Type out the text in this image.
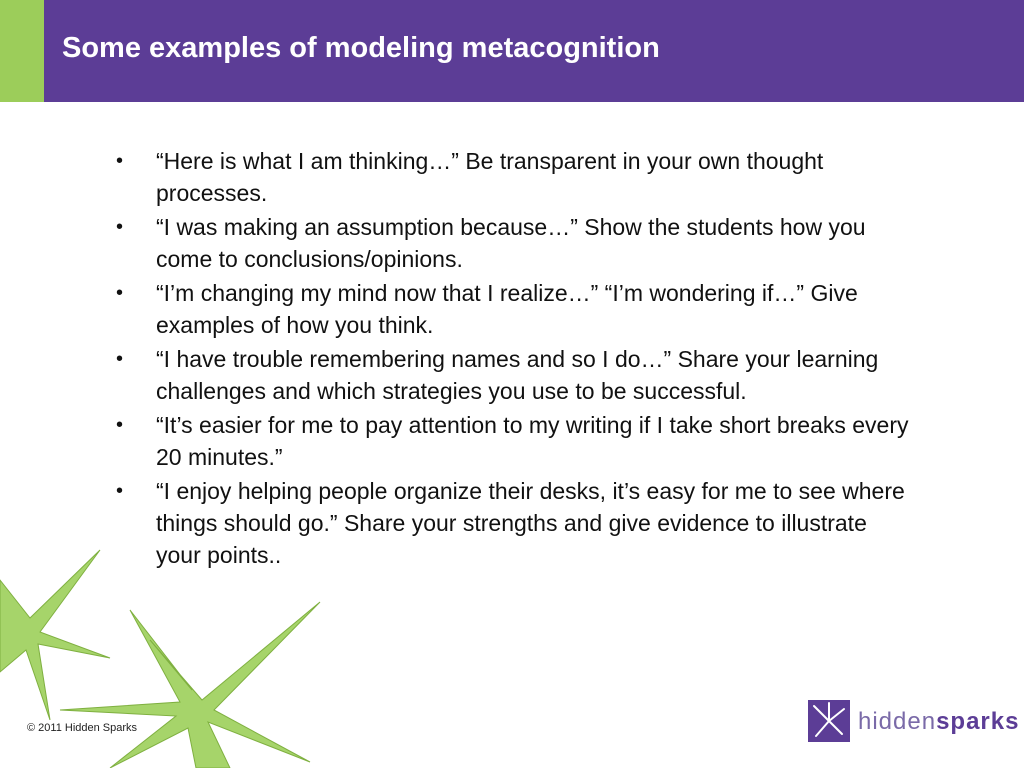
Some examples of modeling metacognition
• “Here is what I am thinking…” Be transparent in your own thought processes.
• “I was making an assumption because…” Show the students how you come to conclusions/opinions.
• “I’m changing my mind now that I realize…” “I’m wondering if…” Give examples of how you think.
• “I have trouble remembering names and so I do…” Share your learning challenges and which strategies you use to be successful.
• “It’s easier for me to pay attention to my writing if I take short breaks every 20 minutes.”
• “I enjoy helping people organize their desks, it’s easy for me to see where things should go.” Share your strengths and give evidence to illustrate your points..
© 2011 Hidden Sparks	hiddensparks
